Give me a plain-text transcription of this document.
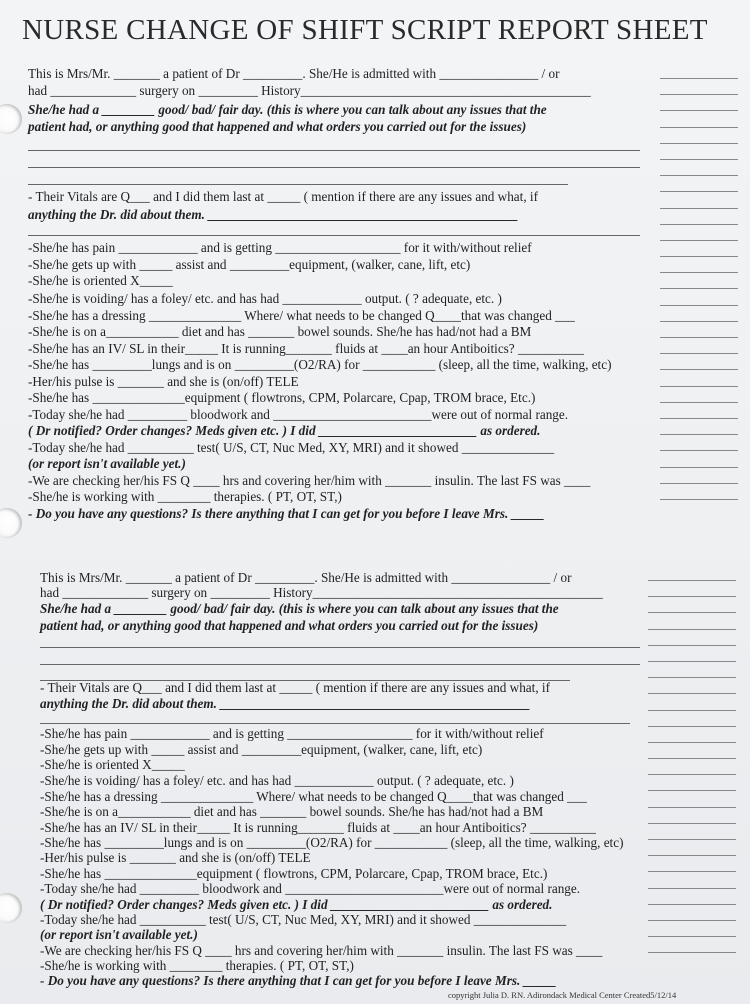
NURSE CHANGE OF SHIFT SCRIPT REPORT SHEET
This is Mrs/Mr. _______ a patient of Dr _________. She/He is admitted with _______________ / or
had _____________ surgery on _________ History____________________________________________
She/he had a ________ good/ bad/ fair day. (this is where you can talk about any issues that the
patient had, or anything good that happened and what orders you carried out for the issues)
- Their Vitals are Q___ and I did them last at _____ ( mention if there are any issues and what, if
anything the Dr. did about them. _______________________________________________
-She/he has pain ____________ and is getting ___________________ for it with/without relief
-She/he gets up with _____ assist and _________equipment, (walker, cane, lift, etc)
-She/he is oriented X_____
-She/he is voiding/ has a foley/ etc. and has had ____________ output. ( ? adequate, etc. )
-She/he has a dressing ______________ Where/ what needs to be changed Q____that was changed ___
-She/he is on a___________ diet and has _______ bowel sounds. She/he has had/not had a BM
-She/he has an IV/ SL in their_____ It is running_______ fluids at ____an hour Antiboitics? __________
-She/he has _________lungs and is on _________(O2/RA) for ___________ (sleep, all the time, walking, etc)
-Her/his pulse is _______ and she is (on/off) TELE
-She/he has ______________equipment ( flowtrons, CPM, Polarcare, Cpap, TROM brace, Etc.)
-Today she/he had _________ bloodwork and ________________________were out of normal range.
( Dr notified? Order changes? Meds given etc. ) I did ________________________ as ordered.
-Today she/he had __________ test( U/S, CT, Nuc Med, XY, MRI) and it showed ______________
(or report isn't available yet.)
-We are checking her/his FS Q ____ hrs and covering her/him with _______ insulin. The last FS was ____
-She/he is working with ________ therapies. ( PT, OT, ST,)
- Do you have any questions? Is there anything that I can get for you before I leave Mrs. _____
This is Mrs/Mr. _______ a patient of Dr _________. She/He is admitted with _______________ / or
had _____________ surgery on _________ History____________________________________________
She/he had a ________ good/ bad/ fair day. (this is where you can talk about any issues that the
patient had, or anything good that happened and what orders you carried out for the issues)
- Their Vitals are Q___ and I did them last at _____ ( mention if there are any issues and what, if
anything the Dr. did about them. _______________________________________________
-She/he has pain ____________ and is getting ___________________ for it with/without relief
-She/he gets up with _____ assist and _________equipment, (walker, cane, lift, etc)
-She/he is oriented X_____
-She/he is voiding/ has a foley/ etc. and has had ____________ output. ( ? adequate, etc. )
-She/he has a dressing ______________ Where/ what needs to be changed Q____that was changed ___
-She/he is on a___________ diet and has _______ bowel sounds. She/he has had/not had a BM
-She/he has an IV/ SL in their_____ It is running_______ fluids at ____an hour Antiboitics? __________
-She/he has _________lungs and is on _________(O2/RA) for ___________ (sleep, all the time, walking, etc)
-Her/his pulse is _______ and she is (on/off) TELE
-She/he has ______________equipment ( flowtrons, CPM, Polarcare, Cpap, TROM brace, Etc.)
-Today she/he had _________ bloodwork and ________________________were out of normal range.
( Dr notified? Order changes? Meds given etc. ) I did ________________________ as ordered.
-Today she/he had __________ test( U/S, CT, Nuc Med, XY, MRI) and it showed ______________
(or report isn't available yet.)
-We are checking her/his FS Q ____ hrs and covering her/him with _______ insulin. The last FS was ____
-She/he is working with ________ therapies. ( PT, OT, ST,)
- Do you have any questions? Is there anything that I can get for you before I leave Mrs. _____
copyright Julia D. RN. Adirondack Medical Center Created5/12/14
